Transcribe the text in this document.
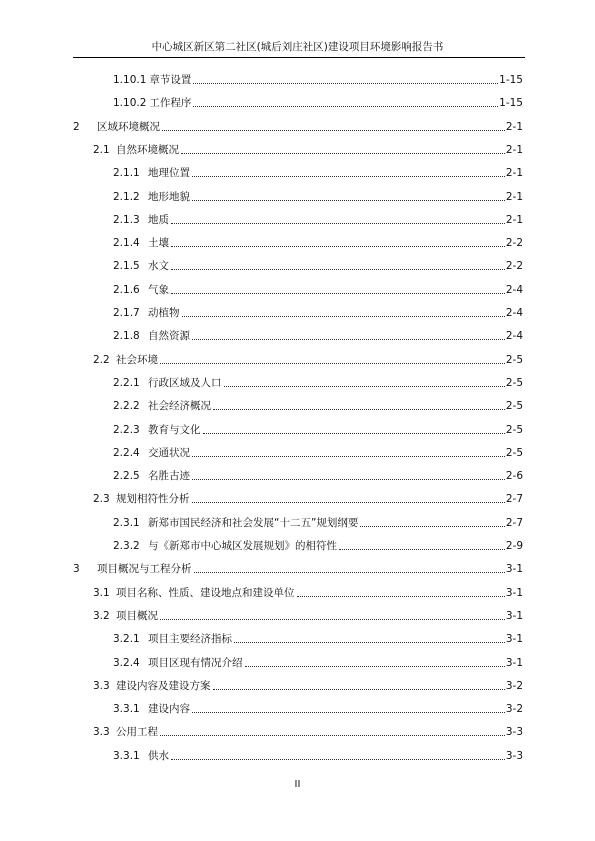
中心城区新区第二社区(城后刘庄社区)建设项目环境影响报告书
1.10.1 章节设置	1-15
1.10.2 工作程序	1-15
2	区域环境概况	2-1
2.1 自然环境概况	2-1
2.1.1 地理位置	2-1
2.1.2 地形地貌	2-1
2.1.3 地质	2-1
2.1.4 土壤	2-2
2.1.5 水文	2-2
2.1.6 气象	2-4
2.1.7 动植物	2-4
2.1.8 自然资源	2-4
2.2 社会环境	2-5
2.2.1 行政区域及人口	2-5
2.2.2 社会经济概况	2-5
2.2.3 教育与文化	2-5
2.2.4 交通状况	2-5
2.2.5 名胜古迹	2-6
2.3 规划相符性分析	2-7
2.3.1 新郑市国民经济和社会发展“十二五”规划纲要	2-7
2.3.2 与《新郑市中心城区发展规划》的相符性	2-9
3	项目概况与工程分析	3-1
3.1 项目名称、性质、建设地点和建设单位	3-1
3.2 项目概况	3-1
3.2.1 项目主要经济指标	3-1
3.2.4 项目区现有情况介绍	3-1
3.3 建设内容及建设方案	3-2
3.3.1 建设内容	3-2
3.3 公用工程	3-3
3.3.1 供水	3-3
II
